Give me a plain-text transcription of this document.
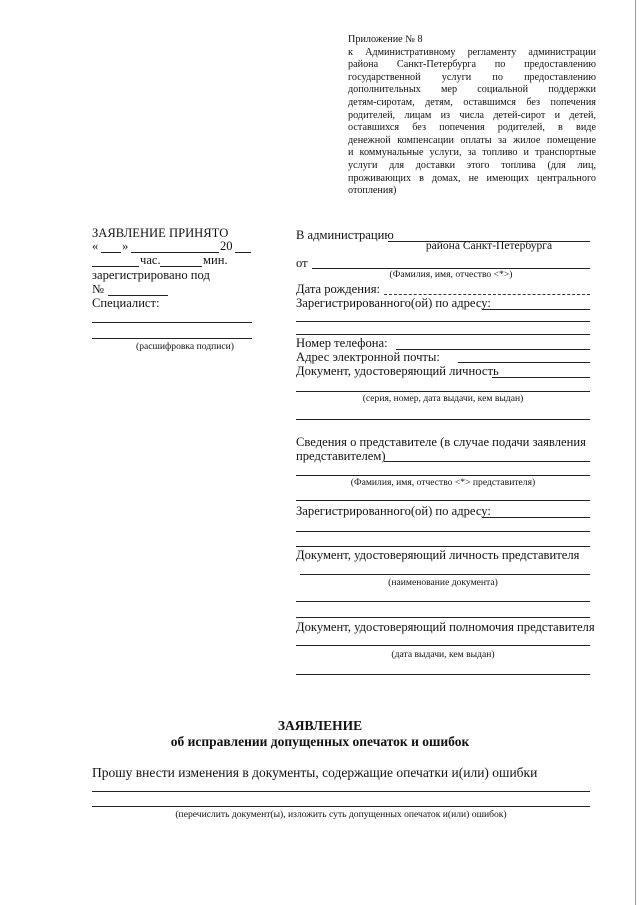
Приложение № 8
к Административному регламенту администрации
района Санкт-Петербурга по предоставлению
государственной услуги по предоставлению
дополнительных мер социальной поддержки
детям-сиротам, детям, оставшимся без попечения
родителей, лицам из числа детей-сирот и детей,
оставшихся без попечения родителей, в виде
денежной компенсации оплаты за жилое помещение
и коммунальные услуги, за топливо и транспортные
услуги для доставки этого топлива (для лиц,
проживающих в домах, не имеющих центрального
отопления)
ЗАЯВЛЕНИЕ ПРИНЯТО
« »	20
час.	мин.
зарегистрировано под
№
Специалист:
(расшифровка подписи)
В администрацию
района Санкт-Петербурга
от
(Фамилия, имя, отчество <*>)
Дата рождения:
Зарегистрированного(ой) по адресу:
Номер телефона:
Адрес электронной почты:
Документ, удостоверяющий личность
(серия, номер, дата выдачи, кем выдан)
Сведения о представителе (в случае подачи заявления
представителем)
(Фамилия, имя, отчество <*> представителя)
Зарегистрированного(ой) по адресу:
Документ, удостоверяющий личность представителя
(наименование документа)
Документ, удостоверяющий полномочия представителя
(дата выдачи, кем выдан)
ЗАЯВЛЕНИЕ
об исправлении допущенных опечаток и ошибок
Прошу внести изменения в документы, содержащие опечатки и(или) ошибки
(перечислить документ(ы), изложить суть допущенных опечаток и(или) ошибок)
